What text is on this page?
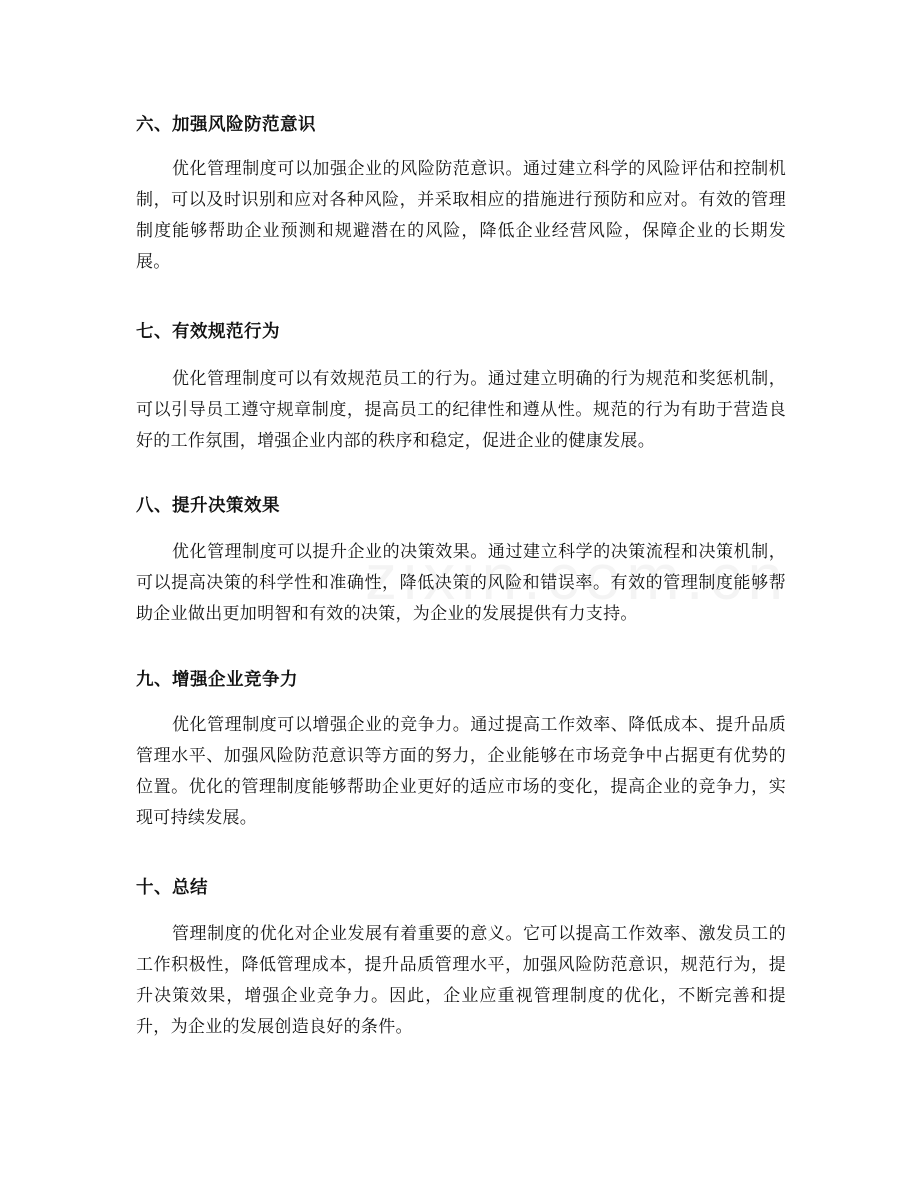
六、加强风险防范意识
优化管理制度可以加强企业的风险防范意识。通过建立科学的风险评估和控制机制，可以及时识别和应对各种风险，并采取相应的措施进行预防和应对。有效的管理制度能够帮助企业预测和规避潜在的风险，降低企业经营风险，保障企业的长期发展。
七、有效规范行为
优化管理制度可以有效规范员工的行为。通过建立明确的行为规范和奖惩机制，可以引导员工遵守规章制度，提高员工的纪律性和遵从性。规范的行为有助于营造良好的工作氛围，增强企业内部的秩序和稳定，促进企业的健康发展。
八、提升决策效果
优化管理制度可以提升企业的决策效果。通过建立科学的决策流程和决策机制，可以提高决策的科学性和准确性，降低决策的风险和错误率。有效的管理制度能够帮助企业做出更加明智和有效的决策，为企业的发展提供有力支持。
九、增强企业竞争力
优化管理制度可以增强企业的竞争力。通过提高工作效率、降低成本、提升品质管理水平、加强风险防范意识等方面的努力，企业能够在市场竞争中占据更有优势的位置。优化的管理制度能够帮助企业更好的适应市场的变化，提高企业的竞争力，实现可持续发展。
十、总结
管理制度的优化对企业发展有着重要的意义。它可以提高工作效率、激发员工的工作积极性，降低管理成本，提升品质管理水平，加强风险防范意识，规范行为，提升决策效果，增强企业竞争力。因此，企业应重视管理制度的优化，不断完善和提升，为企业的发展创造良好的条件。
